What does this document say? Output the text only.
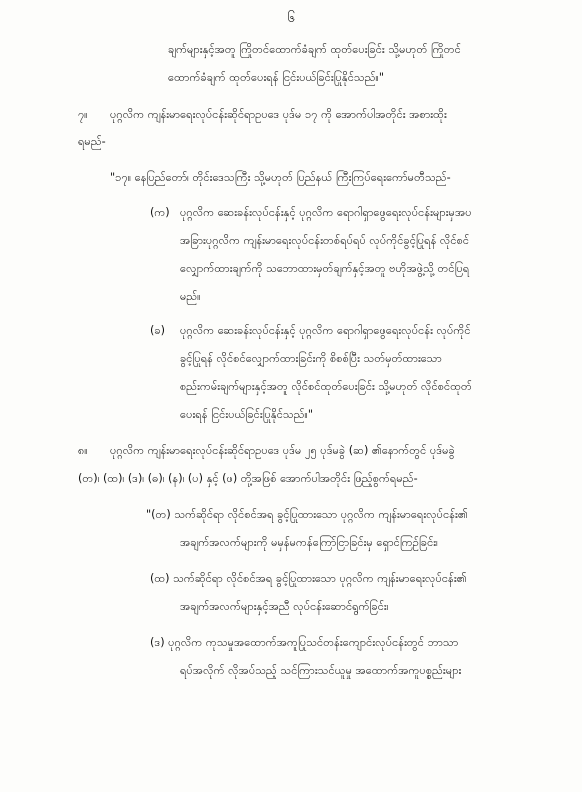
၆
ချက်များနှင့်အတူ ကြိုတင်ထောက်ခံချက် ထုတ်ပေးခြင်း သို့မဟုတ် ကြိုတင်
ထောက်ခံချက် ထုတ်ပေးရန် ငြင်းပယ်ခြင်းပြုနိုင်သည်။"
၇။ ပုဂ္ဂလိက ကျန်းမာရေးလုပ်ငန်းဆိုင်ရာဥပဒေ ပုဒ်မ ၁၇ ကို အောက်ပါအတိုင်း အစားထိုး
ရမည်-
"၁၇။ နေပြည်တော်၊ တိုင်းဒေသကြီး သို့မဟုတ် ပြည်နယ် ကြီးကြပ်ရေးကော်မတီသည်-
(က) ပုဂ္ဂလိက ဆေးခန်းလုပ်ငန်းနှင့် ပုဂ္ဂလိက ရောဂါရှာဖွေရေးလုပ်ငန်းများမှအပ
အခြားပုဂ္ဂလိက ကျန်းမာရေးလုပ်ငန်းတစ်ရပ်ရပ် လုပ်ကိုင်ခွင့်ပြုရန် လိုင်စင်
လျှောက်ထားချက်ကို သဘောထားမှတ်ချက်နှင့်အတူ ဗဟိုအဖွဲ့သို့ တင်ပြရ
မည်။
(ခ) ပုဂ္ဂလိက ဆေးခန်းလုပ်ငန်းနှင့် ပုဂ္ဂလိက ရောဂါရှာဖွေရေးလုပ်ငန်း လုပ်ကိုင်
ခွင့်ပြုရန် လိုင်စင်လျှောက်ထားခြင်းကို စိစစ်ပြီး သတ်မှတ်ထားသော
စည်းကမ်းချက်များနှင့်အတူ လိုင်စင်ထုတ်ပေးခြင်း သို့မဟုတ် လိုင်စင်ထုတ်
ပေးရန် ငြင်းပယ်ခြင်းပြုနိုင်သည်။"
၈။ ပုဂ္ဂလိက ကျန်းမာရေးလုပ်ငန်းဆိုင်ရာဥပဒေ ပုဒ်မ ၂၅ ပုဒ်မခွဲ (ဆ) ၏နောက်တွင် ပုဒ်မခွဲ
(တ)၊ (ထ)၊ (ဒ)၊ (ဓ)၊ (န)၊ (ပ) နှင့် (ဖ) တို့အဖြစ် အောက်ပါအတိုင်း ဖြည့်စွက်ရမည်-
"(တ) သက်ဆိုင်ရာ လိုင်စင်အရ ခွင့်ပြုထားသော ပုဂ္ဂလိက ကျန်းမာရေးလုပ်ငန်း၏
အချက်အလက်များကို မမှန်မကန်ကြော်ငြာခြင်းမှ ရှောင်ကြဉ်ခြင်း၊
(ထ) သက်ဆိုင်ရာ လိုင်စင်အရ ခွင့်ပြုထားသော ပုဂ္ဂလိက ကျန်းမာရေးလုပ်ငန်း၏
အချက်အလက်များနှင့်အညီ လုပ်ငန်းဆောင်ရွက်ခြင်း၊
(ဒ) ပုဂ္ဂလိက ကုသမှုအထောက်အကူပြုသင်တန်းကျောင်းလုပ်ငန်းတွင် ဘာသာ
ရပ်အလိုက် လိုအပ်သည့် သင်ကြားသင်ယူမှု အထောက်အကူပစ္စည်းများ
